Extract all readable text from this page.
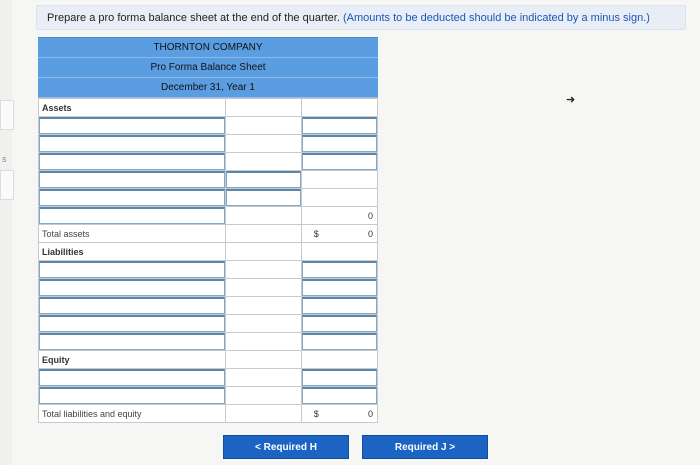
s
Prepare a pro forma balance sheet at the end of the quarter. (Amounts to be deducted should be indicated by a minus sign.)
THORNTON COMPANY
Pro Forma Balance Sheet
December 31, Year 1
Assets		

		0
Total assets		$ 0

Liabilities		

Equity		

Total liabilities and equity		$ 0
➜
< Required H	Required J >
